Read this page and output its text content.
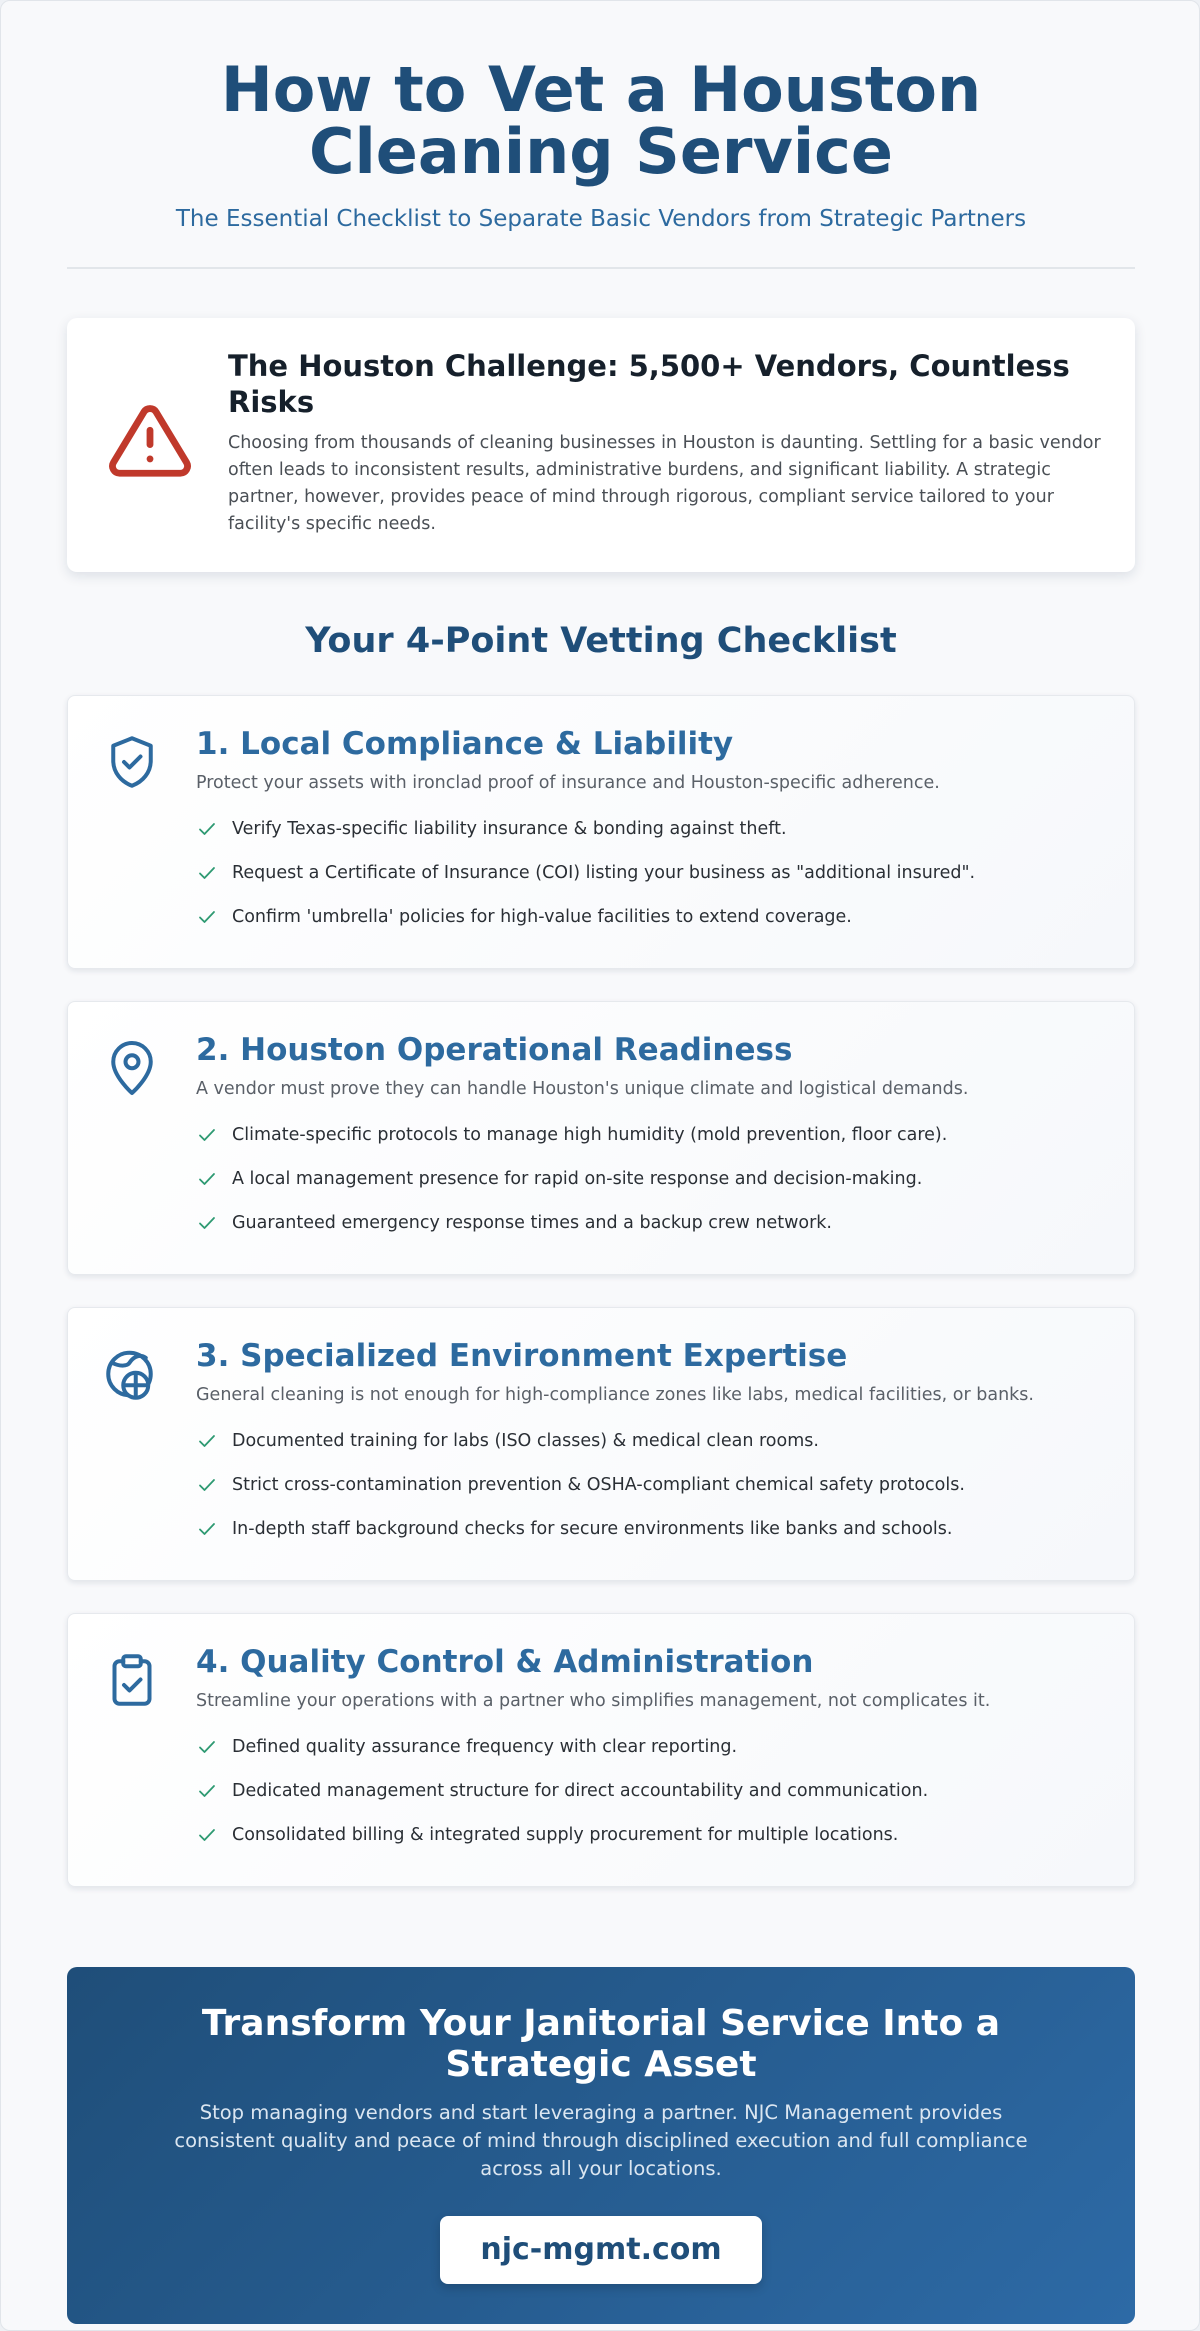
How to Vet a Houston Cleaning Service

The Essential Checklist to Separate Basic Vendors from Strategic Partners

The Houston Challenge: 5,500+ Vendors, Countless Risks

Choosing from thousands of cleaning businesses in Houston is daunting. Settling for a basic vendor often leads to inconsistent results, administrative burdens, and significant liability. A strategic partner, however, provides peace of mind through rigorous, compliant service tailored to your facility's specific needs.

Your 4-Point Vetting Checklist
1. Local Compliance & Liability

Protect your assets with ironclad proof of insurance and Houston-specific adherence.

Verify Texas-specific liability insurance & bonding against theft.
Request a Certificate of Insurance (COI) listing your business as "additional insured".
Confirm 'umbrella' policies for high-value facilities to extend coverage.
2. Houston Operational Readiness

A vendor must prove they can handle Houston's unique climate and logistical demands.

Climate-specific protocols to manage high humidity (mold prevention, floor care).
A local management presence for rapid on-site response and decision-making.
Guaranteed emergency response times and a backup crew network.
3. Specialized Environment Expertise

General cleaning is not enough for high-compliance zones like labs, medical facilities, or banks.

Documented training for labs (ISO classes) & medical clean rooms.
Strict cross-contamination prevention & OSHA-compliant chemical safety protocols.
In-depth staff background checks for secure environments like banks and schools.
4. Quality Control & Administration

Streamline your operations with a partner who simplifies management, not complicates it.

Defined quality assurance frequency with clear reporting.
Dedicated management structure for direct accountability and communication.
Consolidated billing & integrated supply procurement for multiple locations.
Transform Your Janitorial Service Into a Strategic Asset

Stop managing vendors and start leveraging a partner. NJC Management provides consistent quality and peace of mind through disciplined execution and full compliance across all your locations.

njc-mgmt.com
